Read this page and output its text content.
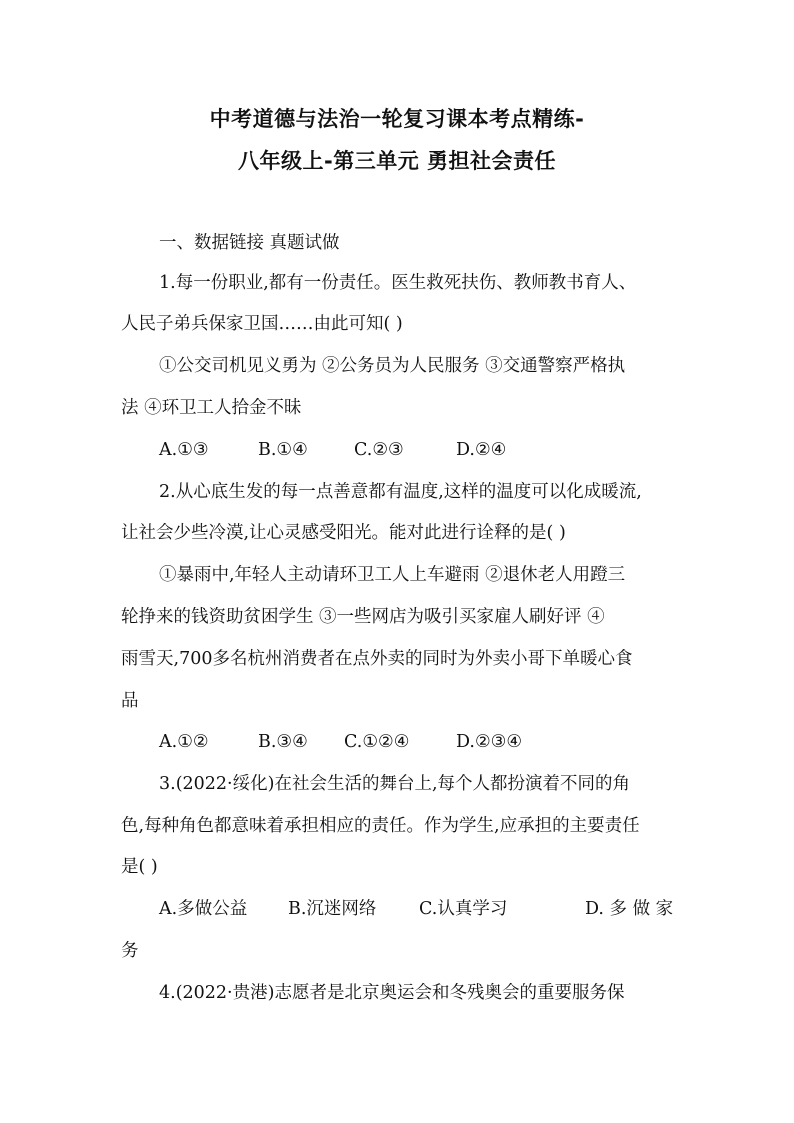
中考道德与法治一轮复习课本考点精练-
八年级上-第三单元 勇担社会责任
一、数据链接 真题试做
1.每一份职业,都有一份责任。医生救死扶伤、教师教书育人、
人民子弟兵保家卫国……由此可知( )
①公交司机见义勇为 ②公务员为人民服务 ③交通警察严格执
法 ④环卫工人拾金不昧
A.①③	B.①④	C.②③	D.②④
2.从心底生发的每一点善意都有温度,这样的温度可以化成暖流,
让社会少些冷漠,让心灵感受阳光。能对此进行诠释的是( )
①暴雨中,年轻人主动请环卫工人上车避雨 ②退休老人用蹬三
轮挣来的钱资助贫困学生 ③一些网店为吸引买家雇人刷好评 ④
雨雪天,700多名杭州消费者在点外卖的同时为外卖小哥下单暖心食
品
A.①②	B.③④ C.①②④	D.②③④
3.(2022·绥化)在社会生活的舞台上,每个人都扮演着不同的角
色,每种角色都意味着承担相应的责任。作为学生,应承担的主要责任
是( )
A.多做公益 B.沉迷网络 C.认真学习	D. 多 做 家
务
4.(2022·贵港)志愿者是北京奥运会和冬残奥会的重要服务保
